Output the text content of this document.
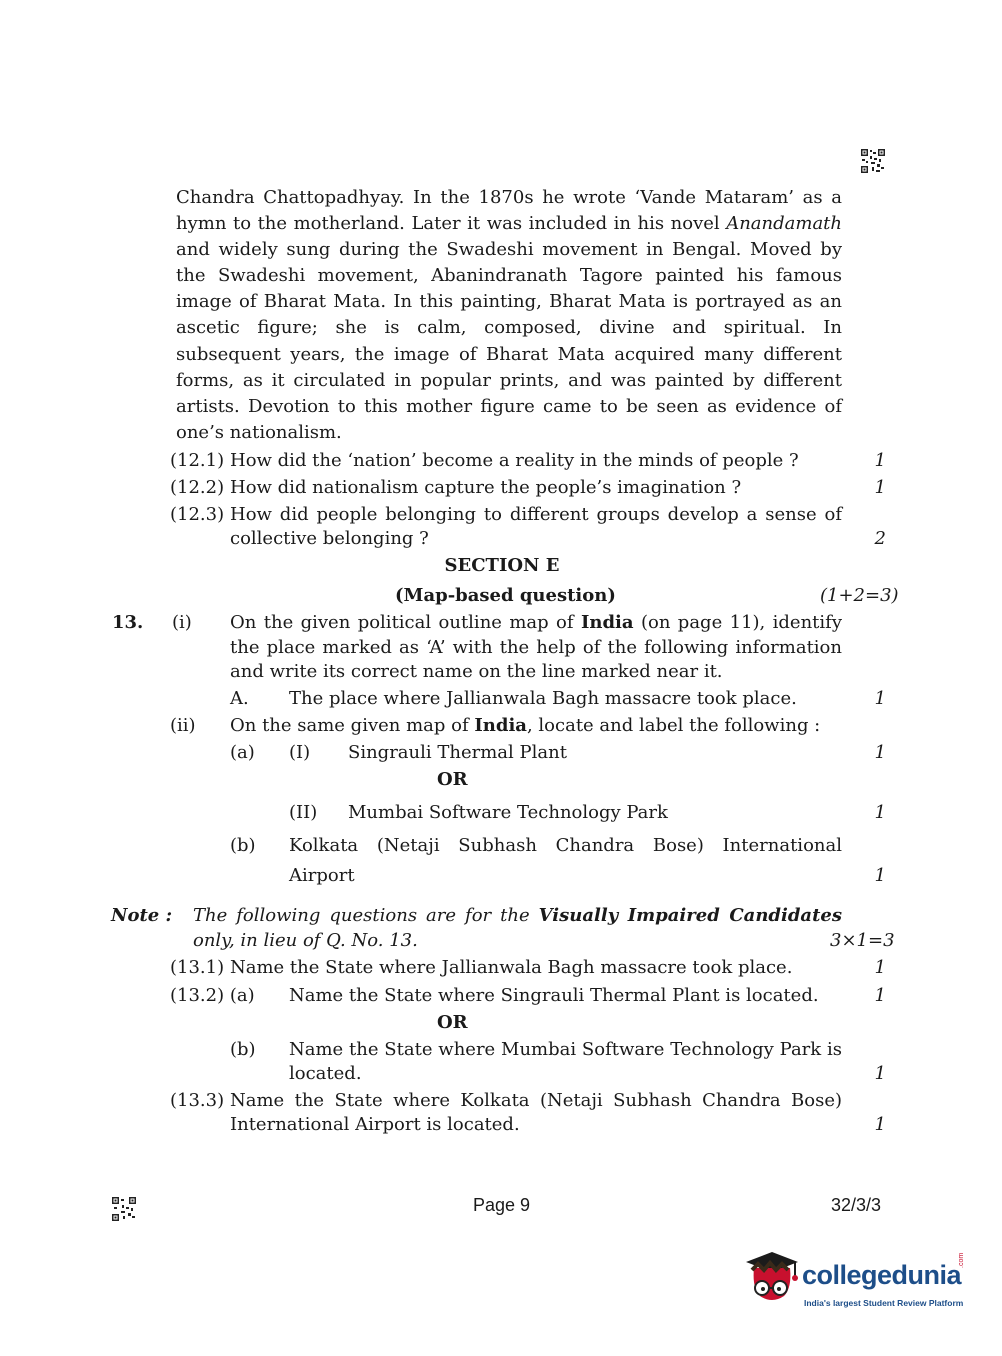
Chandra Chattopadhyay. In the 1870s he wrote ‘Vande Mataram’ as a hymn to the motherland. Later it was included in his novel Anandamath and widely sung during the Swadeshi movement in Bengal. Moved by the Swadeshi movement, Abanindranath Tagore painted his famous image of Bharat Mata. In this painting, Bharat Mata is portrayed as an ascetic figure; she is calm, composed, divine and spiritual. In subsequent years, the image of Bharat Mata acquired many different forms, as it circulated in popular prints, and was painted by different artists. Devotion to this mother figure came to be seen as evidence of one’s nationalism.
(12.1) How did the ‘nation’ become a reality in the minds of people ?	1
(12.2) How did nationalism capture the people’s imagination ?	1
(12.3) How did people belonging to different groups develop a sense of
collective belonging ?	2
SECTION E
(Map-based question)	(1+2=3)
13. (i) On the given political outline map of India (on page 11), identify
the place marked as ‘A’ with the help of the following information
and write its correct name on the line marked near it.
A. The place where Jallianwala Bagh massacre took place.	1
(ii) On the same given map of India, locate and label the following :
(a) (I) Singrauli Thermal Plant	1
OR
(II) Mumbai Software Technology Park	1
(b) Kolkata (Netaji Subhash Chandra Bose) International
Airport	1
Note : The following questions are for the Visually Impaired Candidates
only, in lieu of Q. No. 13.	3×1=3
(13.1) Name the State where Jallianwala Bagh massacre took place.	1
(13.2) (a) Name the State where Singrauli Thermal Plant is located.	1
OR
(b) Name the State where Mumbai Software Technology Park is
located.	1
(13.3) Name the State where Kolkata (Netaji Subhash Chandra Bose)
International Airport is located.	1
Page 9	32/3/3
collegedunia
.com
India's largest Student Review Platform
